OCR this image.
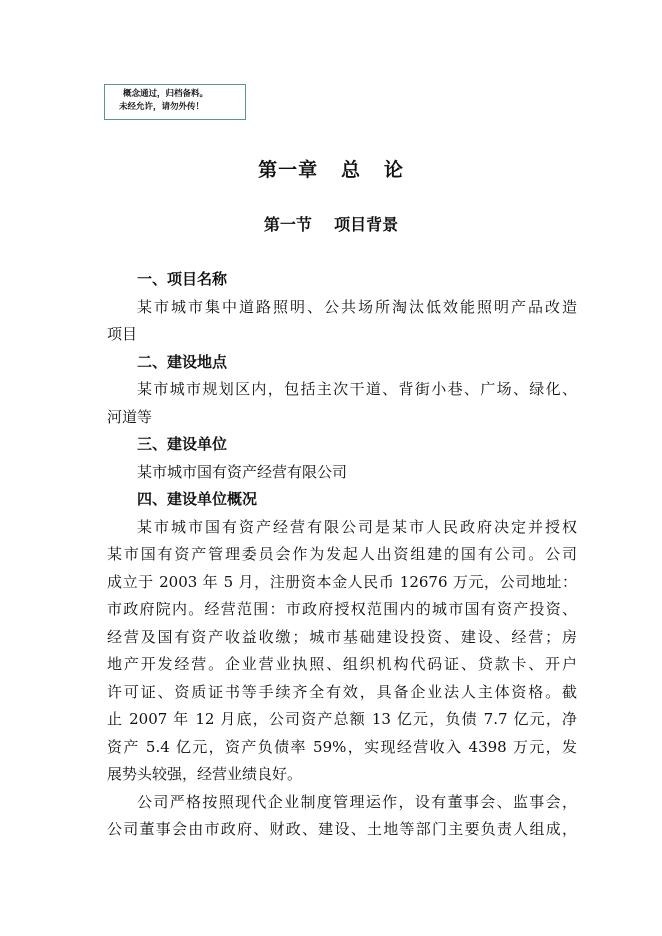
概念通过，归档备料。
未经允许，请勿外传！
第一章   总   论
第一节    项目背景
一、项目名称
某市城市集中道路照明、公共场所淘汰低效能照明产品改造
项目
二、建设地点
某市城市规划区内，包括主次干道、背街小巷、广场、绿化、
河道等
三、建设单位
某市城市国有资产经营有限公司
四、建设单位概况
某市城市国有资产经营有限公司是某市人民政府决定并授权
某市国有资产管理委员会作为发起人出资组建的国有公司。公司
成立于 2003 年 5 月，注册资本金人民币 12676 万元，公司地址：
市政府院内。经营范围：市政府授权范围内的城市国有资产投资、
经营及国有资产收益收缴；城市基础建设投资、建设、经营；房
地产开发经营。企业营业执照、组织机构代码证、贷款卡、开户
许可证、资质证书等手续齐全有效，具备企业法人主体资格。截
止 2007 年 12 月底，公司资产总额 13 亿元，负债 7.7 亿元，净
资产 5.4 亿元，资产负债率 59%，实现经营收入 4398 万元，发
展势头较强，经营业绩良好。
公司严格按照现代企业制度管理运作，设有董事会、监事会，
公司董事会由市政府、财政、建设、土地等部门主要负责人组成，
